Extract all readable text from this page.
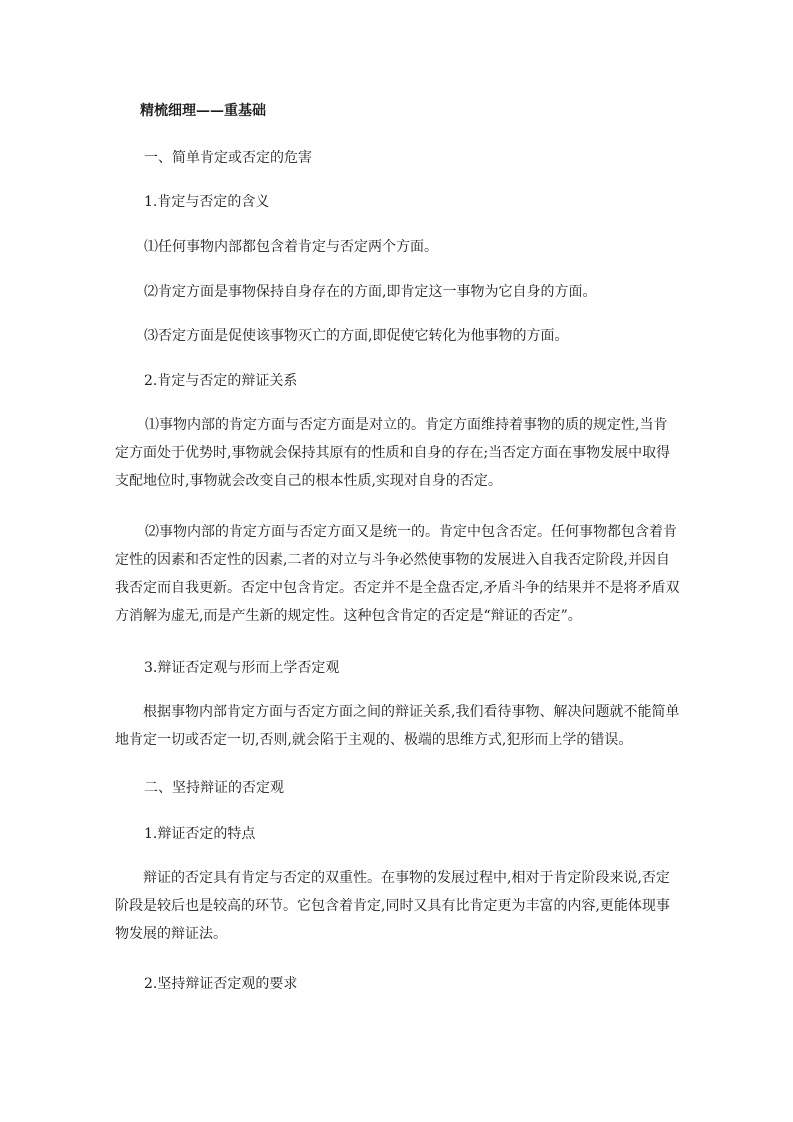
精梳细理——重基础
一、简单肯定或否定的危害
1.肯定与否定的含义
⑴任何事物内部都包含着肯定与否定两个方面。
⑵肯定方面是事物保持自身存在的方面,即肯定这一事物为它自身的方面。
⑶否定方面是促使该事物灭亡的方面,即促使它转化为他事物的方面。
2.肯定与否定的辩证关系
⑴事物内部的肯定方面与否定方面是对立的。肯定方面维持着事物的质的规定性,当肯
定方面处于优势时,事物就会保持其原有的性质和自身的存在;当否定方面在事物发展中取得
支配地位时,事物就会改变自己的根本性质,实现对自身的否定。
⑵事物内部的肯定方面与否定方面又是统一的。肯定中包含否定。任何事物都包含着肯
定性的因素和否定性的因素,二者的对立与斗争必然使事物的发展进入自我否定阶段,并因自
我否定而自我更新。否定中包含肯定。否定并不是全盘否定,矛盾斗争的结果并不是将矛盾双
方消解为虚无,而是产生新的规定性。这种包含肯定的否定是“辩证的否定”。
3.辩证否定观与形而上学否定观
根据事物内部肯定方面与否定方面之间的辩证关系,我们看待事物、解决问题就不能简单
地肯定一切或否定一切,否则,就会陷于主观的、极端的思维方式,犯形而上学的错误。
二、坚持辩证的否定观
1.辩证否定的特点
辩证的否定具有肯定与否定的双重性。在事物的发展过程中,相对于肯定阶段来说,否定
阶段是较后也是较高的环节。它包含着肯定,同时又具有比肯定更为丰富的内容,更能体现事
物发展的辩证法。
2.坚持辩证否定观的要求
